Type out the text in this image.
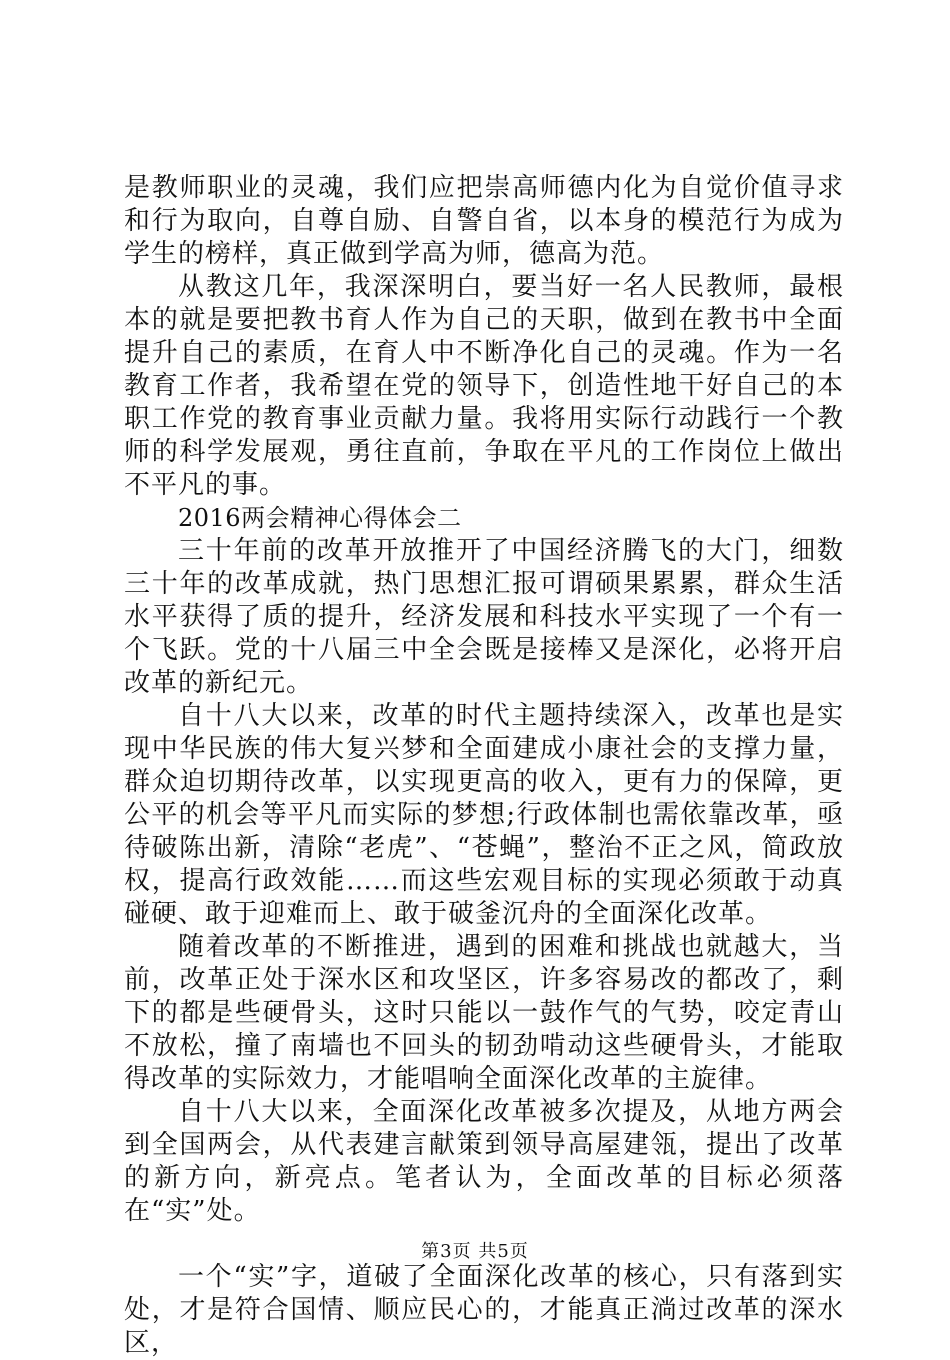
是教师职业的灵魂，我们应把崇高师德内化为自觉价值寻求和行为取向，自尊自励、自警自省，以本身的模范行为成为学生的榜样，真正做到学高为师，德高为范。

从教这几年，我深深明白，要当好一名人民教师，最根本的就是要把教书育人作为自己的天职，做到在教书中全面提升自己的素质，在育人中不断净化自己的灵魂。作为一名教育工作者，我希望在党的领导下，创造性地干好自己的本职工作党的教育事业贡献力量。我将用实际行动践行一个教师的科学发展观，勇往直前，争取在平凡的工作岗位上做出不平凡的事。

2016两会精神心得体会二

三十年前的改革开放推开了中国经济腾飞的大门，细数三十年的改革成就，热门思想汇报可谓硕果累累，群众生活水平获得了质的提升，经济发展和科技水平实现了一个有一个飞跃。党的十八届三中全会既是接棒又是深化，必将开启改革的新纪元。

自十八大以来，改革的时代主题持续深入，改革也是实现中华民族的伟大复兴梦和全面建成小康社会的支撑力量，群众迫切期待改革，以实现更高的收入，更有力的保障，更公平的机会等平凡而实际的梦想;行政体制也需依靠改革，亟待破陈出新，清除“老虎”、“苍蝇”，整治不正之风，简政放权，提高行政效能……而这些宏观目标的实现必须敢于动真碰硬、敢于迎难而上、敢于破釜沉舟的全面深化改革。

随着改革的不断推进，遇到的困难和挑战也就越大，当前，改革正处于深水区和攻坚区，许多容易改的都改了，剩下的都是些硬骨头，这时只能以一鼓作气的气势，咬定青山不放松，撞了南墙也不回头的韧劲啃动这些硬骨头，才能取得改革的实际效力，才能唱响全面深化改革的主旋律。

自十八大以来，全面深化改革被多次提及，从地方两会到全国两会，从代表建言献策到领导高屋建瓴，提出了改革的新方向，新亮点。笔者认为，全面改革的目标必须落在“实”处。

一个“实”字，道破了全面深化改革的核心，只有落到实处，才是符合国情、顺应民心的，才能真正淌过改革的深水区，

第3页 共5页
